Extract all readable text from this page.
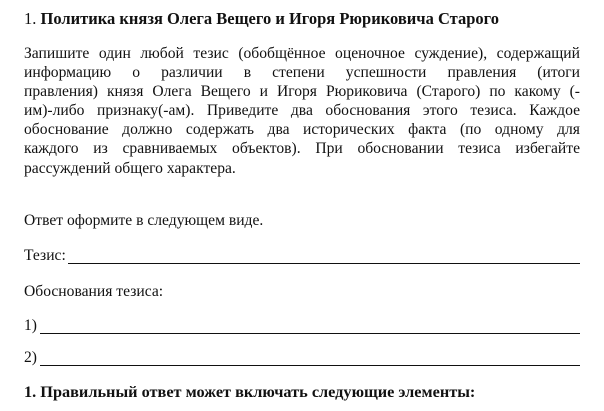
1. Политика князя Олега Вещего и Игоря Рюриковича Старого
Запишите один любой тезис (обобщённое оценочное суждение), содержащий
информацию о различии в степени успешности правления (итоги
правления) князя Олега Вещего и Игоря Рюриковича (Старого) по какому (-
им)-либо признаку(-ам). Приведите два обоснования этого тезиса. Каждое
обоснование должно содержать два исторических факта (по одному для
каждого из сравниваемых объектов). При обосновании тезиса избегайте
рассуждений общего характера.
Ответ оформите в следующем виде.
Тезис:
Обоснования тезиса:
1)
2)
1. Правильный ответ может включать следующие элементы:
